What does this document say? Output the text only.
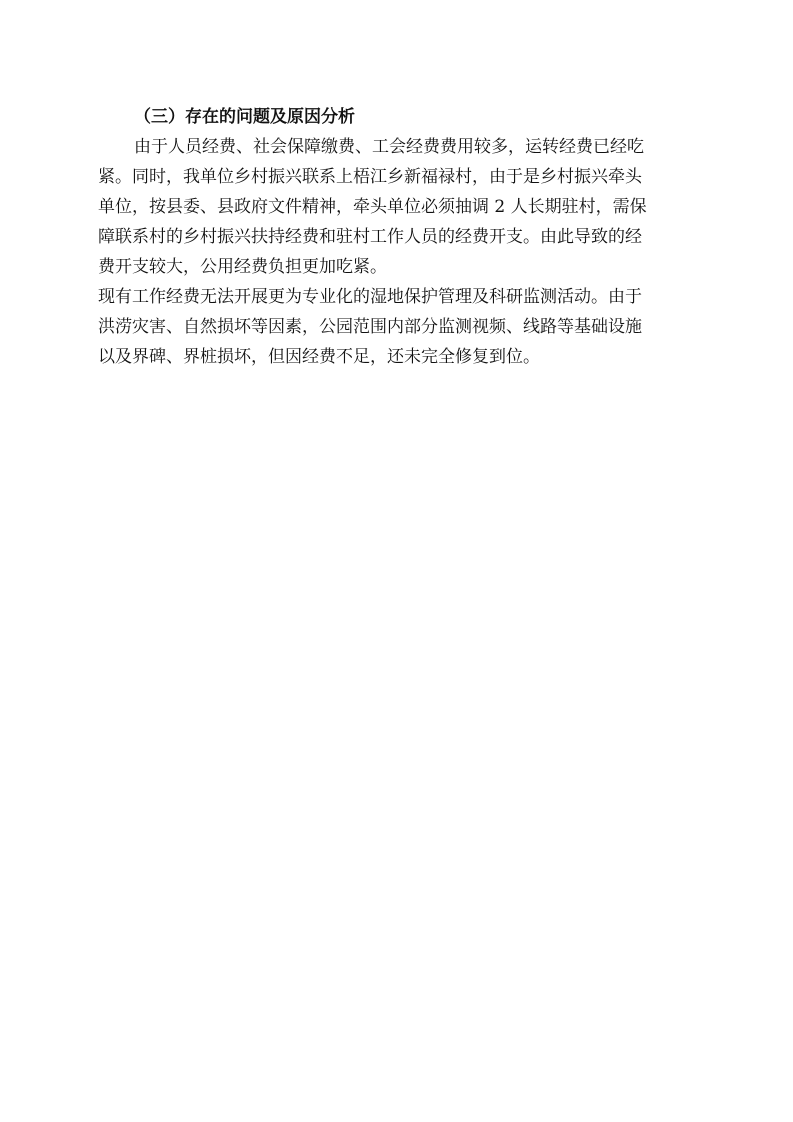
（三）存在的问题及原因分析

由于人员经费、社会保障缴费、工会经费费用较多，运转经费已经吃

紧。同时，我单位乡村振兴联系上梧江乡新福禄村，由于是乡村振兴牵头

单位，按县委、县政府文件精神，牵头单位必须抽调 2 人长期驻村，需保

障联系村的乡村振兴扶持经费和驻村工作人员的经费开支。由此导致的经

费开支较大，公用经费负担更加吃紧。

现有工作经费无法开展更为专业化的湿地保护管理及科研监测活动。由于

洪涝灾害、自然损坏等因素，公园范围内部分监测视频、线路等基础设施

以及界碑、界桩损坏，但因经费不足，还未完全修复到位。
